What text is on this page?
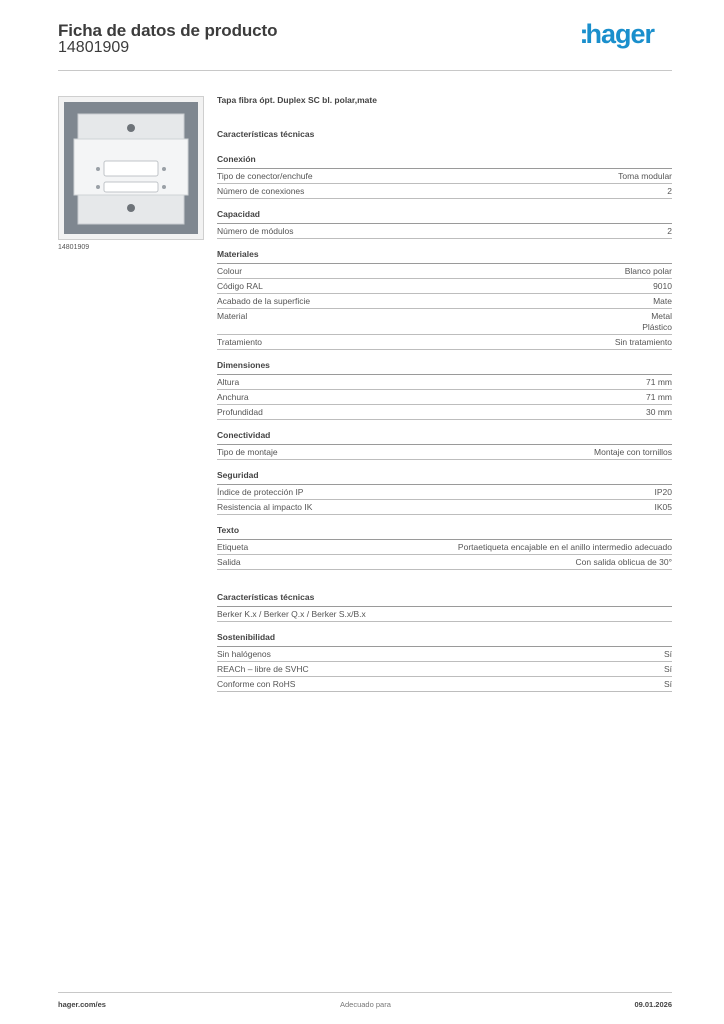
Ficha de datos de producto
14801909	:hager
14801909
Tapa fibra ópt. Duplex SC bl. polar,mate
Características técnicas
Conexión
Tipo de conector/enchufe	Toma modular
Número de conexiones	2
Capacidad
Número de módulos	2
Materiales
Colour	Blanco polar
Código RAL	9010
Acabado de la superficie	Mate
Material	Metal
Plástico
Tratamiento	Sin tratamiento
Dimensiones
Altura	71 mm
Anchura	71 mm
Profundidad	30 mm
Conectividad
Tipo de montaje	Montaje con tornillos
Seguridad
Índice de protección IP	IP20
Resistencia al impacto IK	IK05
Texto
Etiqueta	Portaetiqueta encajable en el anillo intermedio adecuado
Salida	Con salida oblicua de 30°
Características técnicas
Berker K.x / Berker Q.x / Berker S.x/B.x
Sostenibilidad
Sin halógenos	Sí
REACh – libre de SVHC	Sí
Conforme con RoHS	Sí
hager.com/es	Adecuado para	09.01.2026
